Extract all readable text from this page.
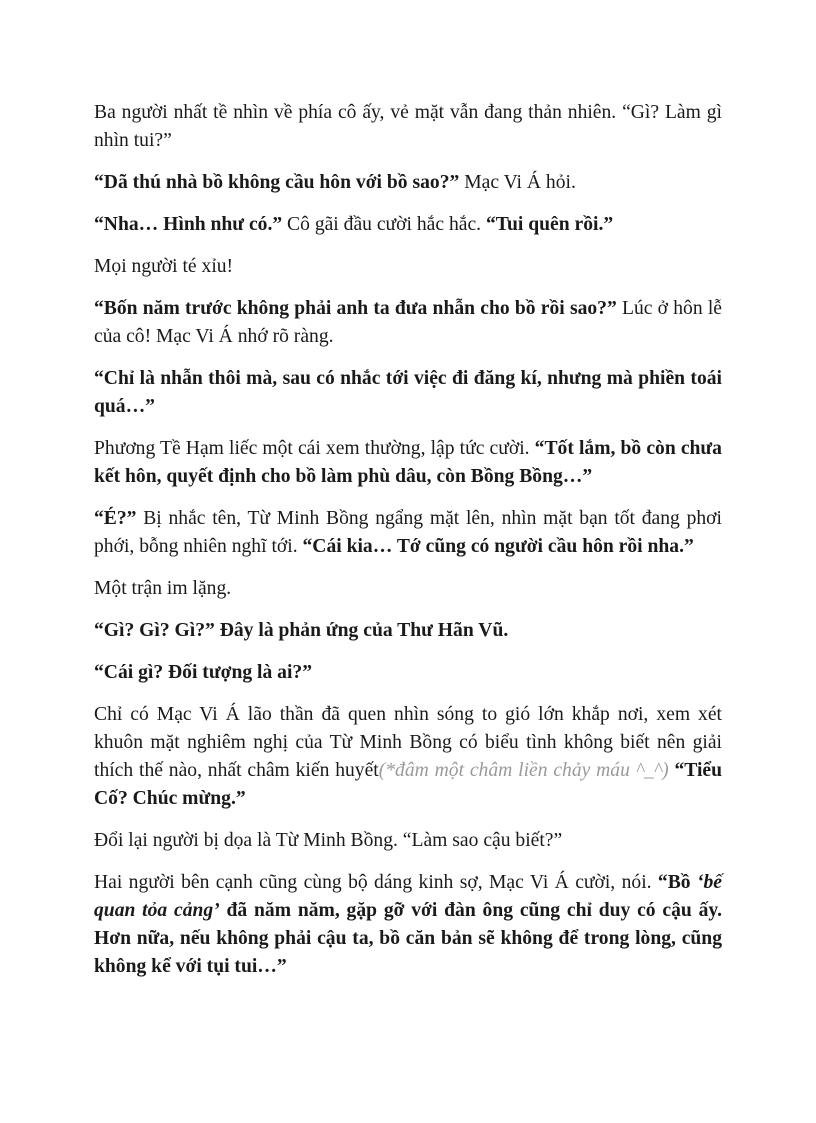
Ba người nhất tề nhìn về phía cô ấy, vẻ mặt vẫn đang thản nhiên. “Gì? Làm gì nhìn tui?”

“Dã thú nhà bồ không cầu hôn với bồ sao?” Mạc Vi Á hỏi.

“Nha… Hình như có.” Cô gãi đầu cười hắc hắc. “Tui quên rồi.”

Mọi người té xỉu!

“Bốn năm trước không phải anh ta đưa nhẫn cho bồ rồi sao?” Lúc ở hôn lễ của cô! Mạc Vi Á nhớ rõ ràng.

“Chỉ là nhẫn thôi mà, sau có nhắc tới việc đi đăng kí, nhưng mà phiền toái quá…”

Phương Tề Hạm liếc một cái xem thường, lập tức cười. “Tốt lắm, bồ còn chưa kết hôn, quyết định cho bồ làm phù dâu, còn Bồng Bồng…”

“É?” Bị nhắc tên, Từ Minh Bồng ngẩng mặt lên, nhìn mặt bạn tốt đang phơi phới, bỗng nhiên nghĩ tới. “Cái kia… Tớ cũng có người cầu hôn rồi nha.”

Một trận im lặng.

“Gì? Gì? Gì?” Đây là phản ứng của Thư Hãn Vũ.

“Cái gì? Đối tượng là ai?”

Chỉ có Mạc Vi Á lão thần đã quen nhìn sóng to gió lớn khắp nơi, xem xét khuôn mặt nghiêm nghị của Từ Minh Bồng có biểu tình không biết nên giải thích thế nào, nhất châm kiến huyết(*đâm một châm liền chảy máu ^_^) “Tiểu Cố? Chúc mừng.”

Đổi lại người bị dọa là Từ Minh Bồng. “Làm sao cậu biết?”

Hai người bên cạnh cũng cùng bộ dáng kinh sợ, Mạc Vi Á cười, nói. “Bồ ‘bế quan tỏa cảng’ đã năm năm, gặp gỡ với đàn ông cũng chỉ duy có cậu ấy. Hơn nữa, nếu không phải cậu ta, bồ căn bản sẽ không để trong lòng, cũng không kể với tụi tui…”
